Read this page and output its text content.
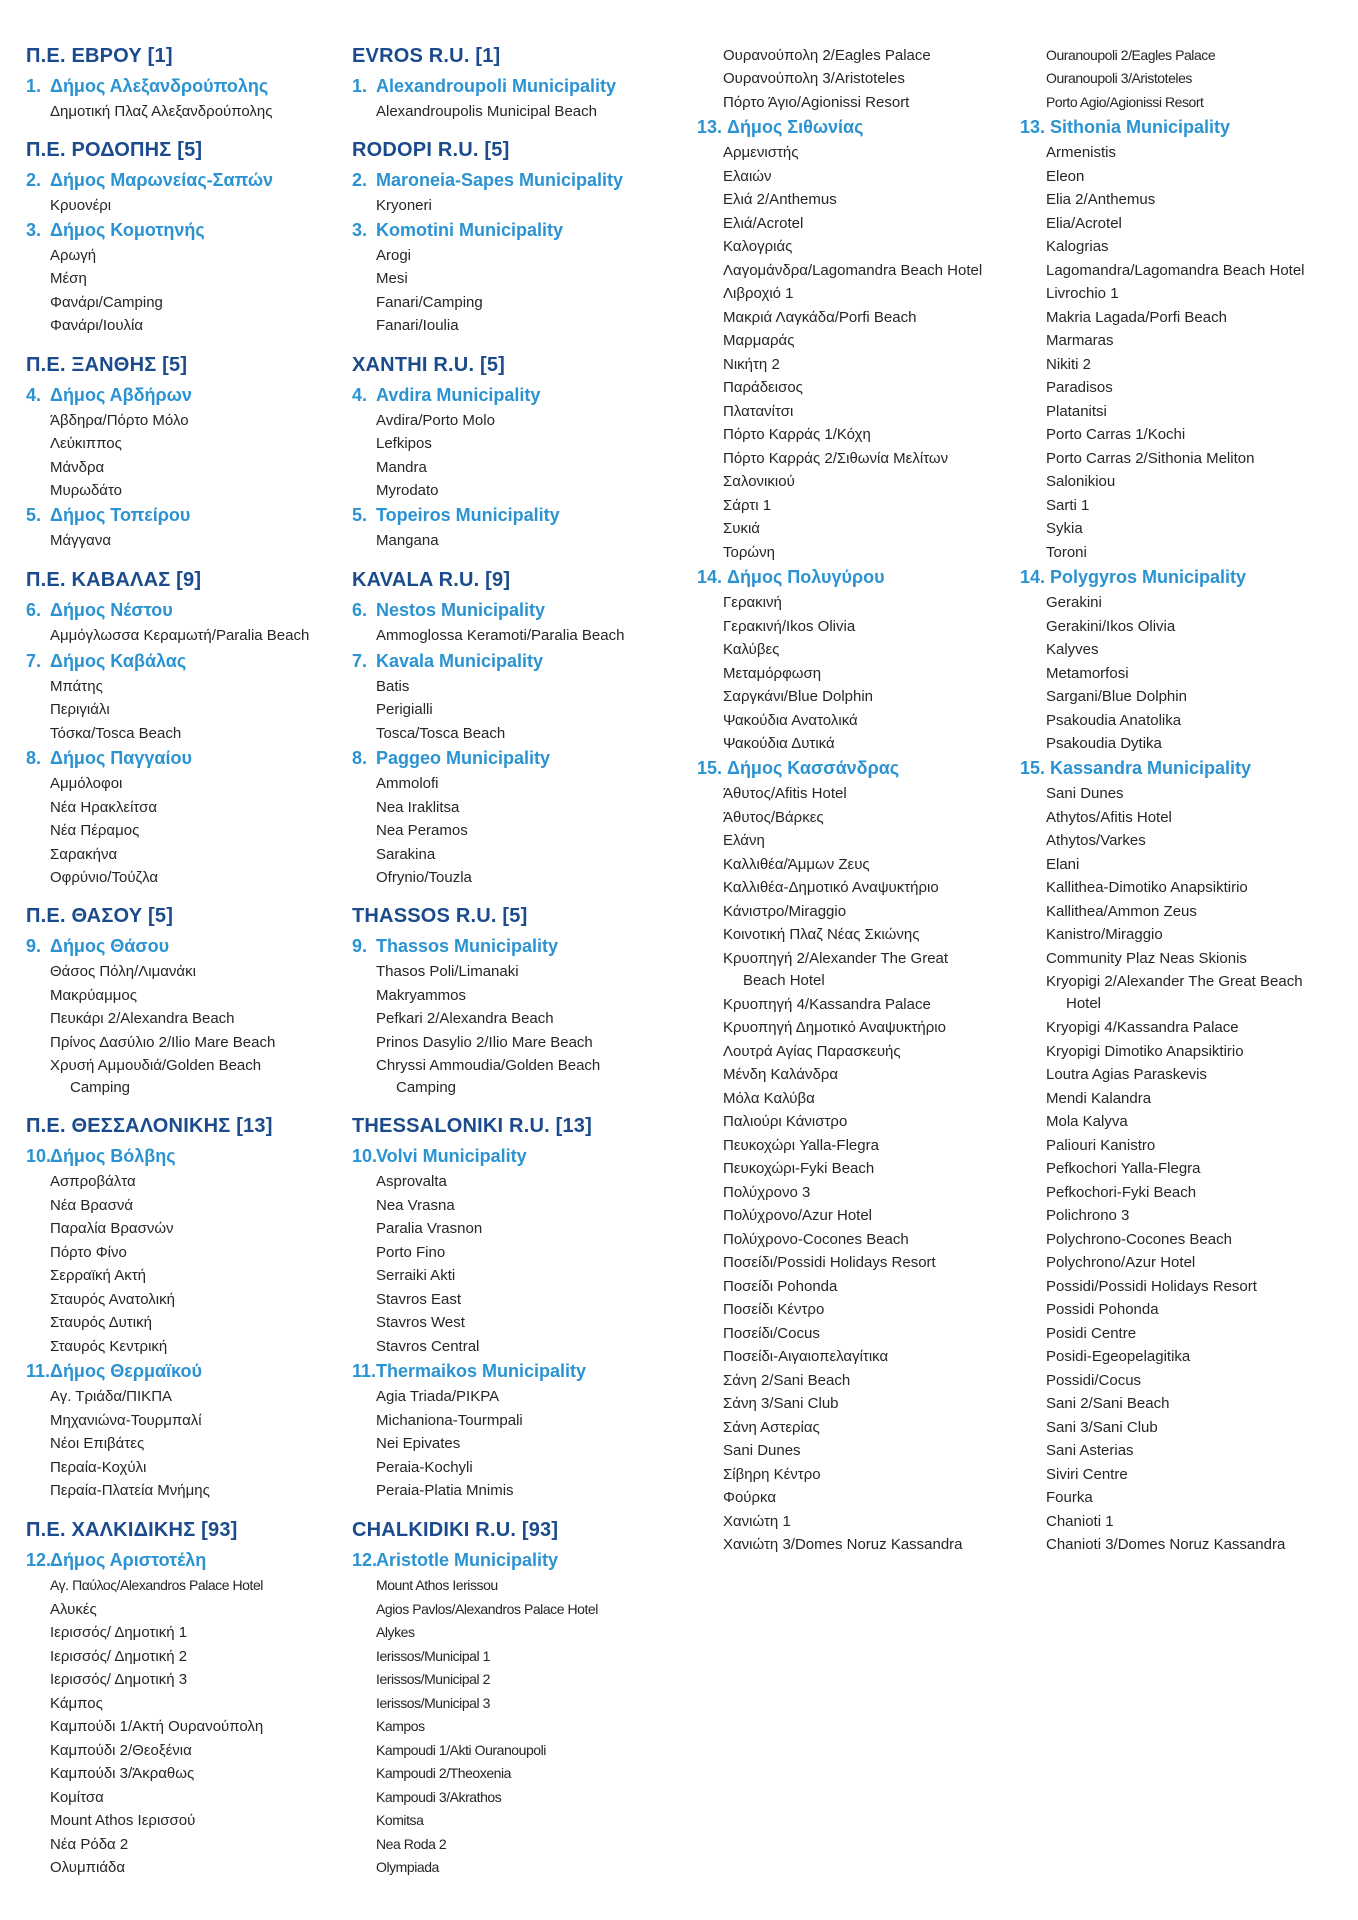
Π.Ε. ΕΒΡΟΥ [1]
1. Δήμος Αλεξανδρούπολης
Δημοτική Πλαζ Αλεξανδρούπολης
Π.Ε. ΡΟΔΟΠΗΣ [5]
2. Δήμος Μαρωνείας-Σαπών
Κρυονέρι
3. Δήμος Κομοτηνής
Αρωγή
Μέση
Φανάρι/Camping
Φανάρι/Ιουλία
Π.Ε. ΞΑΝΘΗΣ [5]
4. Δήμος Αβδήρων
Άβδηρα/Πόρτο Μόλο
Λεύκιππος
Μάνδρα
Μυρωδάτο
5. Δήμος Τοπείρου
Μάγγανα
Π.Ε. ΚΑΒΑΛΑΣ [9]
6. Δήμος Νέστου
Αμμόγλωσσα Κεραμωτή/Paralia Beach
7. Δήμος Καβάλας
Μπάτης
Περιγιάλι
Τόσκα/Tosca Beach
8. Δήμος Παγγαίου
Αμμόλοφοι
Νέα Ηρακλείτσα
Νέα Πέραμος
Σαρακήνα
Οφρύνιο/Τούζλα
Π.Ε. ΘΑΣΟΥ [5]
9. Δήμος Θάσου
Θάσος Πόλη/Λιμανάκι
Μακρύαμμος
Πευκάρι 2/Alexandra Beach
Πρίνος Δασύλιο 2/Ilio Mare Beach
Χρυσή Αμμουδιά/Golden Beach
Camping
Π.Ε. ΘΕΣΣΑΛΟΝΙΚΗΣ [13]
10.Δήμος Βόλβης
Ασπροβάλτα
Νέα Βρασνά
Παραλία Βρασνών
Πόρτο Φίνο
Σερραϊκή Ακτή
Σταυρός Ανατολική
Σταυρός Δυτική
Σταυρός Κεντρική
11.Δήμος Θερμαϊκού
Αγ. Τριάδα/ΠΙΚΠΑ
Μηχανιώνα-Τουρμπαλί
Νέοι Επιβάτες
Περαία-Κοχύλι
Περαία-Πλατεία Μνήμης
Π.Ε. ΧΑΛΚΙΔΙΚΗΣ [93]
12.Δήμος Αριστοτέλη
Αγ. Παύλος/Alexandros Palace Hotel
Αλυκές
Ιερισσός/ Δημοτική 1
Ιερισσός/ Δημοτική 2
Ιερισσός/ Δημοτική 3
Κάμπος
Καμπούδι 1/Ακτή Ουρανούπολη
Καμπούδι 2/Θεοξένια
Καμπούδι 3/Άκραθως
Κομίτσα
Mount Athos Ιερισσού
Νέα Ρόδα 2
Ολυμπιάδα
EVROS R.U. [1]
1. Alexandroupoli Municipality
Alexandroupolis Municipal Beach
RODOPI R.U. [5]
2. Maroneia-Sapes Municipality
Kryoneri
3. Komotini Municipality
Arogi
Mesi
Fanari/Camping
Fanari/Ioulia
XANTHI R.U. [5]
4. Avdira Municipality
Avdira/Porto Molo
Lefkipos
Mandra
Myrodato
5. Topeiros Municipality
Mangana
KAVALA R.U. [9]
6. Nestos Municipality
Ammoglossa Keramoti/Paralia Beach
7. Kavala Municipality
Batis
Perigialli
Tosca/Tosca Beach
8. Paggeo Municipality
Ammolofi
Nea Iraklitsa
Nea Peramos
Sarakina
Ofrynio/Touzla
THASSOS R.U. [5]
9. Thassos Municipality
Thasos Poli/Limanaki
Makryammos
Pefkari 2/Alexandra Beach
Prinos Dasylio 2/Ilio Mare Beach
Chryssi Ammoudia/Golden Beach
Camping
THESSALONIKI R.U. [13]
10.Volvi Municipality
Asprovalta
Nea Vrasna
Paralia Vrasnon
Porto Fino
Serraiki Akti
Stavros East
Stavros West
Stavros Central
11.Thermaikos Municipality
Agia Triada/PIKPA
Michaniona-Tourmpali
Nei Epivates
Peraia-Kochyli
Peraia-Platia Mnimis
CHALKIDIKI R.U. [93]
12.Aristotle Municipality
Mount Athos Ierissou
Agios Pavlos/Alexandros Palace Hotel
Alykes
Ierissos/Municipal 1
Ierissos/Municipal 2
Ierissos/Municipal 3
Kampos
Kampoudi 1/Akti Ouranoupoli
Kampoudi 2/Theoxenia
Kampoudi 3/Akrathos
Komitsa
Nea Roda 2
Olympiada
Ουρανούπολη 2/Eagles Palace
Ουρανούπολη 3/Aristoteles
Πόρτο Άγιο/Agionissi Resort
13. Δήμος Σιθωνίας
Αρμενιστής
Ελαιών
Ελιά 2/Anthemus
Ελιά/Acrotel
Καλογριάς
Λαγομάνδρα/Lagomandra Beach Hotel
Λιβροχιό 1
Μακριά Λαγκάδα/Porfi Beach
Μαρμαράς
Νικήτη 2
Παράδεισος
Πλατανίτσι
Πόρτο Καρράς 1/Κόχη
Πόρτο Καρράς 2/Σιθωνία Μελίτων
Σαλονικιού
Σάρτι 1
Συκιά
Τορώνη
14. Δήμος Πολυγύρου
Γερακινή
Γερακινή/Ikos Olivia
Καλύβες
Μεταμόρφωση
Σαργκάνι/Blue Dolphin
Ψακούδια Ανατολικά
Ψακούδια Δυτικά
15. Δήμος Κασσάνδρας
Άθυτος/Afitis Hotel
Άθυτος/Βάρκες
Ελάνη
Καλλιθέα/Άμμων Ζευς
Καλλιθέα-Δημοτικό Αναψυκτήριο
Κάνιστρο/Miraggio
Κοινοτική Πλαζ Νέας Σκιώνης
Κρυοπηγή 2/Alexander The Great
Beach Hotel
Κρυοπηγή 4/Kassandra Palace
Κρυοπηγή Δημοτικό Αναψυκτήριο
Λουτρά Αγίας Παρασκευής
Μένδη Καλάνδρα
Μόλα Καλύβα
Παλιούρι Κάνιστρο
Πευκοχώρι Yalla-Flegra
Πευκοχώρι-Fyki Beach
Πολύχρονο 3
Πολύχρονο/Azur Hotel
Πολύχρονο-Cocones Beach
Ποσείδι/Possidi Holidays Resort
Ποσείδι Pohonda
Ποσείδι Κέντρο
Ποσείδι/Cocus
Ποσείδι-Αιγαιοπελαγίτικα
Σάνη 2/Sani Beach
Σάνη 3/Sani Club
Σάνη Αστερίας
Sani Dunes
Σίβηρη Κέντρο
Φούρκα
Χανιώτη 1
Χανιώτη 3/Domes Noruz Kassandra
Ouranoupoli 2/Eagles Palace
Ouranoupoli 3/Aristoteles
Porto Agio/Agionissi Resort
13. Sithonia Municipality
Armenistis
Eleon
Elia 2/Anthemus
Elia/Acrotel
Kalogrias
Lagomandra/Lagomandra Beach Hotel
Livrochio 1
Makria Lagada/Porfi Beach
Marmaras
Nikiti 2
Paradisos
Platanitsi
Porto Carras 1/Kochi
Porto Carras 2/Sithonia Meliton
Salonikiou
Sarti 1
Sykia
Toroni
14. Polygyros Municipality
Gerakini
Gerakini/Ikos Olivia
Kalyves
Metamorfosi
Sargani/Blue Dolphin
Psakoudia Anatolika
Psakoudia Dytika
15. Kassandra Municipality
Sani Dunes
Athytos/Afitis Hotel
Athytos/Varkes
Elani
Kallithea-Dimotiko Anapsiktirio
Kallithea/Ammon Zeus
Kanistro/Miraggio
Community Plaz Neas Skionis
Kryopigi 2/Alexander The Great Beach
Hotel
Kryopigi 4/Kassandra Palace
Kryopigi Dimotiko Anapsiktirio
Loutra Agias Paraskevis
Mendi Kalandra
Mola Kalyva
Paliouri Kanistro
Pefkochori Yalla-Flegra
Pefkochori-Fyki Beach
Polichrono 3
Polychrono-Cocones Beach
Polychrono/Azur Hotel
Possidi/Possidi Holidays Resort
Possidi Pohonda
Posidi Centre
Posidi-Egeopelagitika
Possidi/Cocus
Sani 2/Sani Beach
Sani 3/Sani Club
Sani Asterias
Siviri Centre
Fourka
Chanioti 1
Chanioti 3/Domes Noruz Kassandra
